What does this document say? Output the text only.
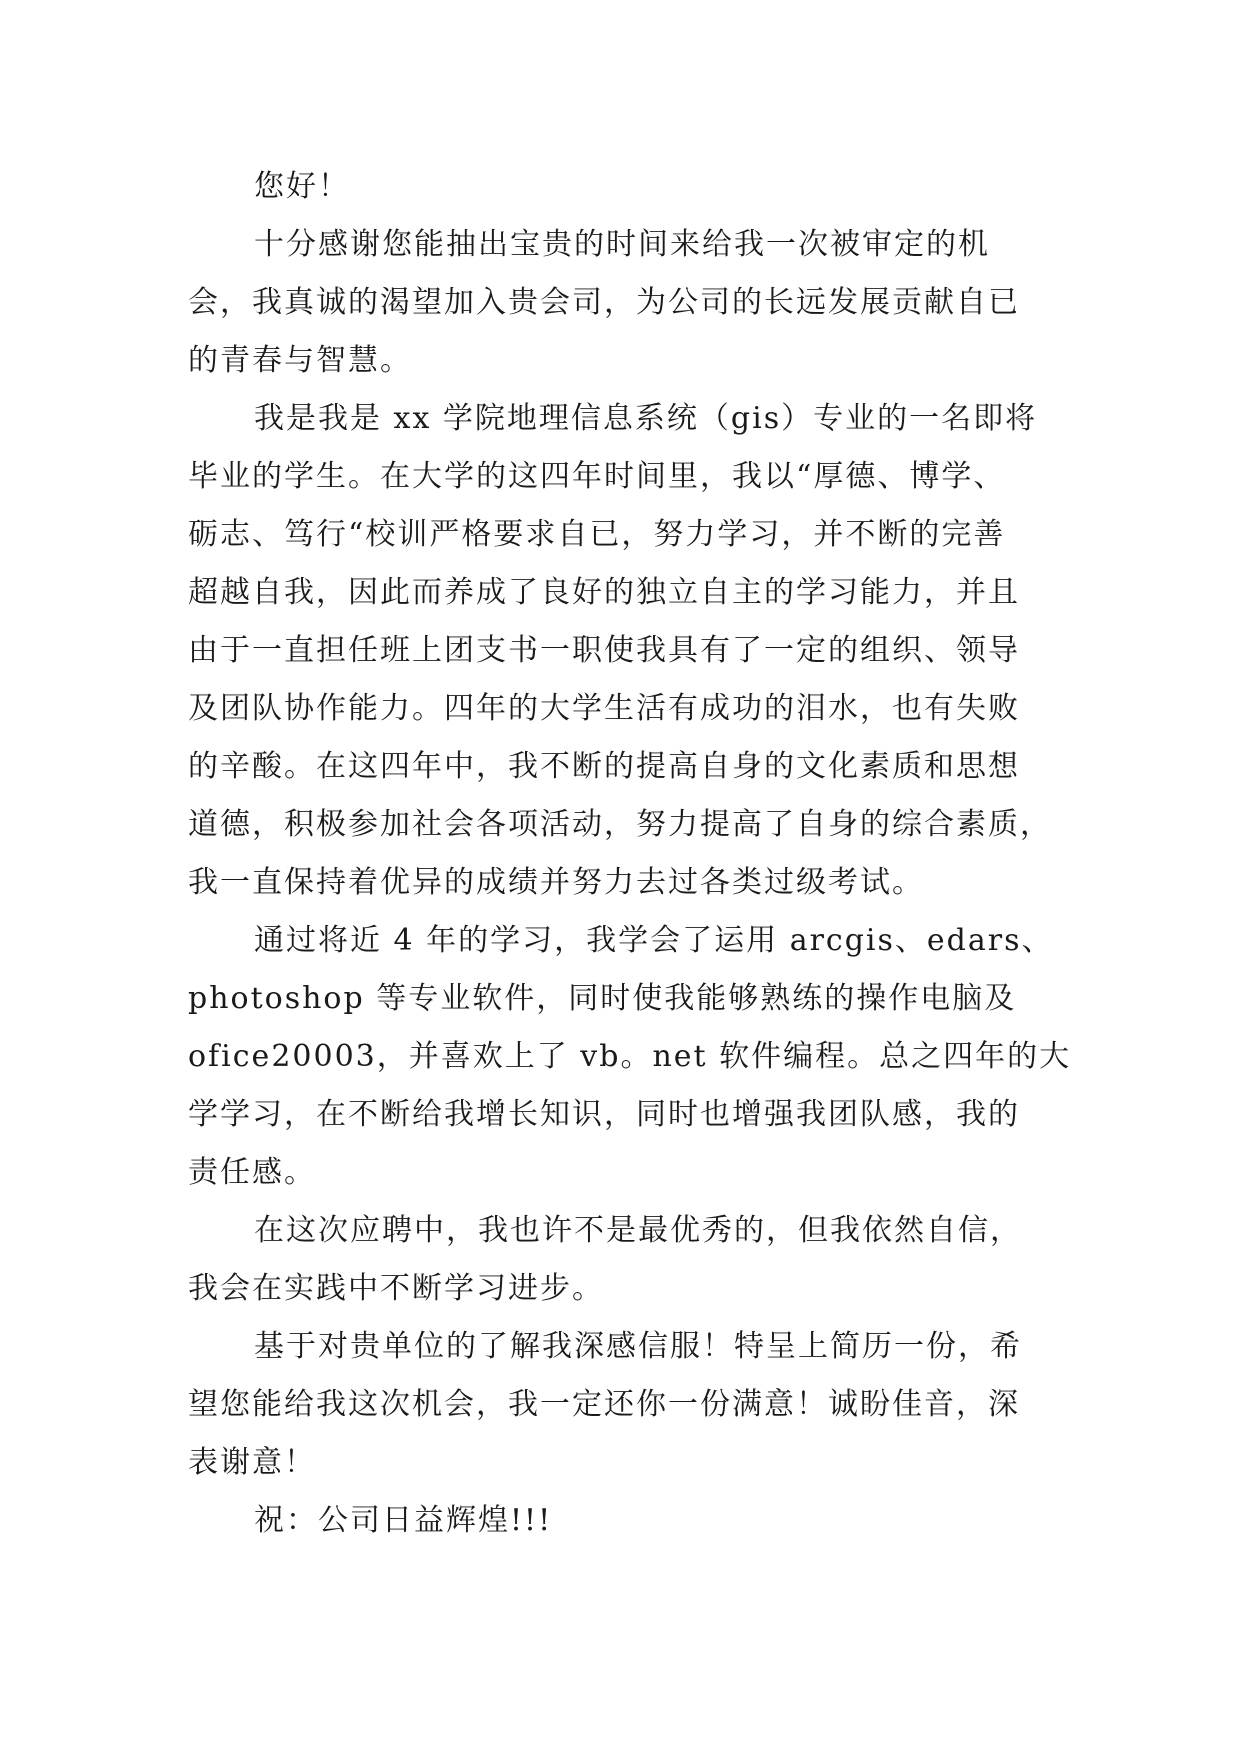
您好！

十分感谢您能抽出宝贵的时间来给我一次被审定的机
会，我真诚的渴望加入贵会司，为公司的长远发展贡献自已
的青春与智慧。

我是我是 xx 学院地理信息系统（gis）专业的一名即将
毕业的学生。在大学的这四年时间里，我以“厚德、博学、
砺志、笃行“校训严格要求自已，努力学习，并不断的完善
超越自我，因此而养成了良好的独立自主的学习能力，并且
由于一直担任班上团支书一职使我具有了一定的组织、领导
及团队协作能力。四年的大学生活有成功的泪水，也有失败
的辛酸。在这四年中，我不断的提高自身的文化素质和思想
道德，积极参加社会各项活动，努力提高了自身的综合素质，
我一直保持着优异的成绩并努力去过各类过级考试。

通过将近 4 年的学习，我学会了运用 arcgis、edars、
photoshop 等专业软件，同时使我能够熟练的操作电脑及
ofice20003，并喜欢上了 vb。net 软件编程。总之四年的大
学学习，在不断给我增长知识，同时也增强我团队感，我的
责任感。

在这次应聘中，我也许不是最优秀的，但我依然自信，
我会在实践中不断学习进步。

基于对贵单位的了解我深感信服！特呈上简历一份，希
望您能给我这次机会，我一定还你一份满意！诚盼佳音，深
表谢意！

祝：公司日益辉煌!!!
